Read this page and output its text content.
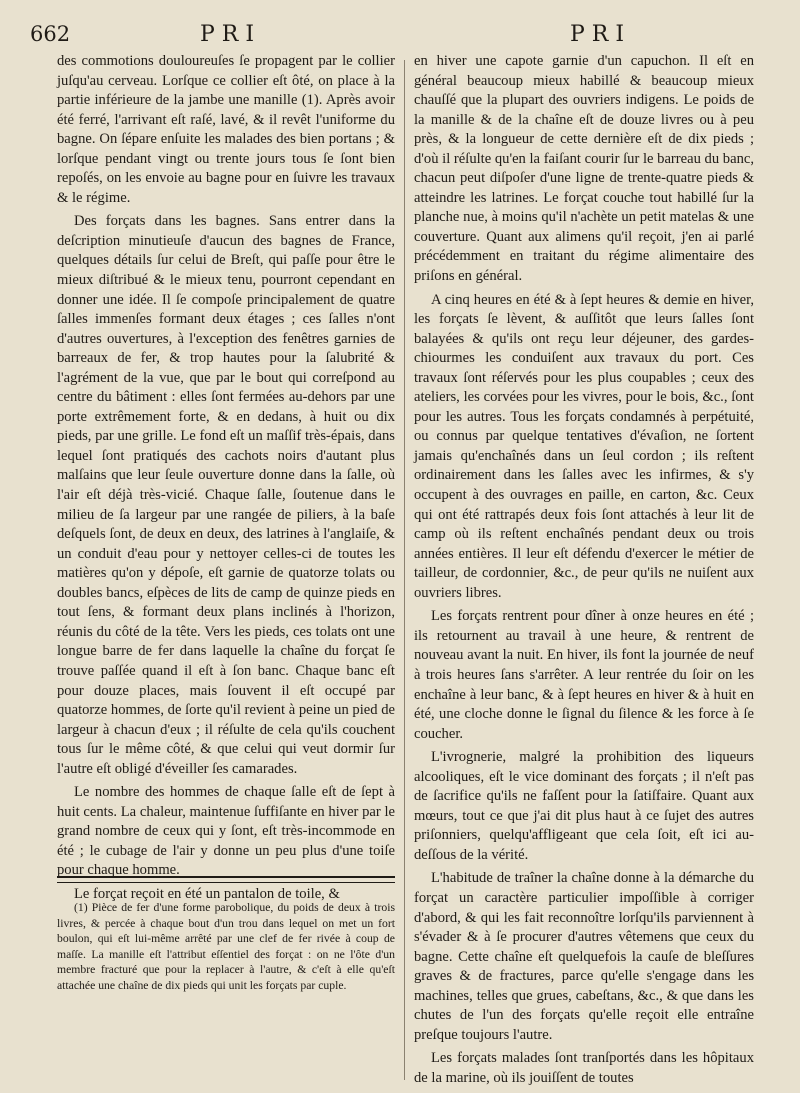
662	PRI	PRI

des commotions douloureuſes ſe propagent par le collier juſqu'au cerveau. Lorſque ce collier eſt ôté, on place à la partie inférieure de la jambe une manille (1). Après avoir été ferré, l'arrivant eſt raſé, lavé, & il revêt l'uniforme du bagne. On ſépare enſuite les malades des bien portans ; & lorſque pendant vingt ou trente jours tous ſe ſont bien repoſés, on les envoie au bagne pour en ſuivre les travaux & le régime.

Des forçats dans les bagnes. Sans entrer dans la deſcription minutieuſe d'aucun des bagnes de France, quelques détails ſur celui de Breſt, qui paſſe pour être le mieux diſtribué & le mieux tenu, pourront cependant en donner une idée. Il ſe compoſe principalement de quatre ſalles immenſes formant deux étages ; ces ſalles n'ont d'autres ouvertures, à l'exception des fenêtres garnies de barreaux de fer, & trop hautes pour la ſalubrité & l'agrément de la vue, que par le bout qui correſpond au centre du bâtiment : elles ſont fermées au-dehors par une porte extrêmement forte, & en dedans, à huit ou dix pieds, par une grille. Le fond eſt un maſſif très-épais, dans lequel ſont pratiqués des cachots noirs d'autant plus malſains que leur ſeule ouverture donne dans la ſalle, où l'air eſt déjà très-vicié. Chaque ſalle, ſoutenue dans le milieu de ſa largeur par une rangée de piliers, à la baſe deſquels ſont, de deux en deux, des latrines à l'anglaiſe, & un conduit d'eau pour y nettoyer celles-ci de toutes les matières qu'on y dépoſe, eſt garnie de quatorze tolats ou doubles bancs, eſpèces de lits de camp de quinze pieds en tout ſens, & formant deux plans inclinés à l'horizon, réunis du côté de la tête. Vers les pieds, ces tolats ont une longue barre de fer dans laquelle la chaîne du forçat ſe trouve paſſée quand il eſt à ſon banc. Chaque banc eſt pour douze places, mais ſouvent il eſt occupé par quatorze hommes, de ſorte qu'il revient à peine un pied de largeur à chacun d'eux ; il réſulte de cela qu'ils couchent tous ſur le même côté, & que celui qui veut dormir ſur l'autre eſt obligé d'éveiller ſes camarades.

Le nombre des hommes de chaque ſalle eſt de ſept à huit cents. La chaleur, maintenue ſuffiſante en hiver par le grand nombre de ceux qui y ſont, eſt très-incommode en été ; le cubage de l'air y donne un peu plus d'une toiſe pour chaque homme.

Le forçat reçoit en été un pantalon de toile, &

(1) Pièce de fer d'une forme parobolique, du poids de deux à trois livres, & percée à chaque bout d'un trou dans lequel on met un fort boulon, qui eſt lui-même arrêté par une clef de fer rivée à coup de maſſe. La manille eſt l'attribut eſſentiel des forçat : on ne l'ôte d'un membre fracturé que pour la replacer à l'autre, & c'eſt à elle qu'eſt attachée une chaîne de dix pieds qui unit les forçats par cuple.

en hiver une capote garnie d'un capuchon. Il eſt en général beaucoup mieux habillé & beaucoup mieux chauſſé que la plupart des ouvriers indigens. Le poids de la manille & de la chaîne eſt de douze livres ou à peu près, & la longueur de cette dernière eſt de dix pieds ; d'où il réſulte qu'en la faiſant courir ſur le barreau du banc, chacun peut diſpoſer d'une ligne de trente-quatre pieds & atteindre les latrines. Le forçat couche tout habillé ſur la planche nue, à moins qu'il n'achète un petit matelas & une couverture. Quant aux alimens qu'il reçoit, j'en ai parlé précédemment en traitant du régime alimentaire des priſons en général.

A cinq heures en été & à ſept heures & demie en hiver, les forçats ſe lèvent, & auſſitôt que leurs ſalles ſont balayées & qu'ils ont reçu leur déjeuner, des gardes-chiourmes les conduiſent aux travaux du port. Ces travaux ſont réſervés pour les plus coupables ; ceux des ateliers, les corvées pour les vivres, pour le bois, &c., ſont pour les autres. Tous les forçats condamnés à perpétuité, ou connus par quelque tentatives d'évaſion, ne ſortent jamais qu'enchaînés dans un ſeul cordon ; ils reſtent ordinairement dans les ſalles avec les infirmes, & s'y occupent à des ouvrages en paille, en carton, &c. Ceux qui ont été rattrapés deux fois ſont attachés à leur lit de camp où ils reſtent enchaînés pendant deux ou trois années entières. Il leur eſt défendu d'exercer le métier de tailleur, de cordonnier, &c., de peur qu'ils ne nuiſent aux ouvriers libres.

Les forçats rentrent pour dîner à onze heures en été ; ils retournent au travail à une heure, & rentrent de nouveau avant la nuit. En hiver, ils font la journée de neuf à trois heures ſans s'arrêter. A leur rentrée du ſoir on les enchaîne à leur banc, & à ſept heures en hiver & à huit en été, une cloche donne le ſignal du ſilence & les force à ſe coucher.

L'ivrognerie, malgré la prohibition des liqueurs alcooliques, eſt le vice dominant des forçats ; il n'eſt pas de ſacrifice qu'ils ne faſſent pour la ſatiſfaire. Quant aux mœurs, tout ce que j'ai dit plus haut à ce ſujet des autres priſonniers, quelqu'affligeant que cela ſoit, eſt ici au-deſſous de la vérité.

L'habitude de traîner la chaîne donne à la démarche du forçat un caractère particulier impoſſible à corriger d'abord, & qui les fait reconnoître lorſqu'ils parviennent à s'évader & à ſe procurer d'autres vêtemens que ceux du bagne. Cette chaîne eſt quelquefois la cauſe de bleſſures graves & de fractures, parce qu'elle s'engage dans les machines, telles que grues, cabeſtans, &c., & que dans les chutes de l'un des forçats qu'elle reçoit elle entraîne preſque toujours l'autre.

Les forçats malades ſont tranſportés dans les hôpitaux de la marine, où ils jouiſſent de toutes
